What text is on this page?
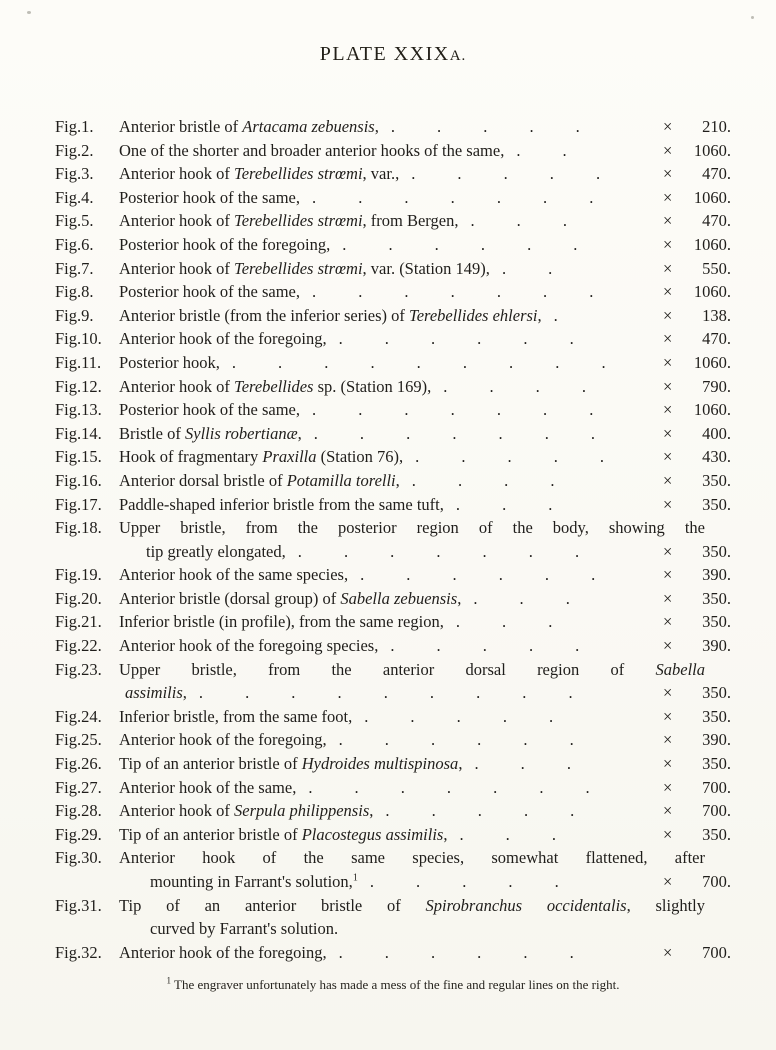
PLATE XXIXA.
Fig.1.	Anterior bristle of Artacama zebuensis, . . . . .	×	210.
Fig.2.	One of the shorter and broader anterior hooks of the same, . .	×	1060.
Fig.3.	Anterior hook of Terebellides strœmi, var., . . . . .	×	470.
Fig.4.	Posterior hook of the same, . . . . . . .	×	1060.
Fig.5.	Anterior hook of Terebellides strœmi, from Bergen, . . .	×	470.
Fig.6.	Posterior hook of the foregoing, . . . . . .	×	1060.
Fig.7.	Anterior hook of Terebellides strœmi, var. (Station 149), . .	×	550.
Fig.8.	Posterior hook of the same, . . . . . . .	×	1060.
Fig.9.	Anterior bristle (from the inferior series) of Terebellides ehlersi, .	×	138.
Fig.10.	Anterior hook of the foregoing, . . . . . .	×	470.
Fig.11.	Posterior hook, . . . . . . . . .	×	1060.
Fig.12.	Anterior hook of Terebellides sp. (Station 169), . . . .	×	790.
Fig.13.	Posterior hook of the same, . . . . . . .	×	1060.
Fig.14.	Bristle of Syllis robertianæ, . . . . . . .	×	400.
Fig.15.	Hook of fragmentary Praxilla (Station 76), . . . . .	×	430.
Fig.16.	Anterior dorsal bristle of Potamilla torelli, . . . .	×	350.
Fig.17.	Paddle-shaped inferior bristle from the same tuft, . . .	×	350.
Fig.18.	Upper bristle, from the posterior region of the body, showing the
tip greatly elongated, . . . . . . .	×	350.
Fig.19.	Anterior hook of the same species, . . . . . .	×	390.
Fig.20.	Anterior bristle (dorsal group) of Sabella zebuensis, . . .	×	350.
Fig.21.	Inferior bristle (in profile), from the same region, . . .	×	350.
Fig.22.	Anterior hook of the foregoing species, . . . . .	×	390.
Fig.23.	Upper bristle, from the anterior dorsal region of Sabella
assimilis, . . . . . . . . .	×	350.
Fig.24.	Inferior bristle, from the same foot, . . . . .	×	350.
Fig.25.	Anterior hook of the foregoing, . . . . . .	×	390.
Fig.26.	Tip of an anterior bristle of Hydroides multispinosa, . . .	×	350.
Fig.27.	Anterior hook of the same, . . . . . . .	×	700.
Fig.28.	Anterior hook of Serpula philippensis, . . . . .	×	700.
Fig.29.	Tip of an anterior bristle of Placostegus assimilis, . . .	×	350.
Fig.30.	Anterior hook of the same species, somewhat flattened, after
mounting in Farrant's solution,$^1$ . . . . .	×	700.
Fig.31.	Tip of an anterior bristle of Spirobranchus occidentalis, slightly
curved by Farrant's solution.
Fig.32.	Anterior hook of the foregoing, . . . . . .	×	700.
$^1$ The engraver unfortunately has made a mess of the fine and regular lines on the right.
